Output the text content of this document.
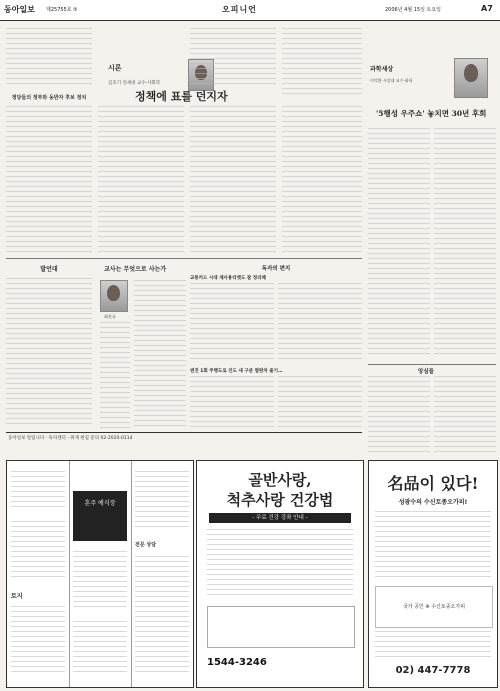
동아일보 제25755호 ⑤	오피니언	2006년 4월 15일 토요일	A7
정당들의 정부와 동반자 후보 정치
시론
김호기 연세대 교수·사회학
정책에 표를 던지자
과학세상
이덕환 서강대 교수·화학
'5행성 우주쇼' 놓치면 30년 후회
발언대	교사는 무엇으로 사는가
최진규
독자의 편지
교통카드 시대 재사용티켓도 잘 정리해
엔진 1회 주행도로 인도 새 구분 발판차 줄기…	앙심들
동아일보 알립니다 · 독자센터 · 취재 편집 문의 02-2020-0114
혼주 예식장
토지
전문 상담
골반사랑,
척추사랑 건강법
- 무료 건강 강좌 안내 -
1544-3246
名品이 있다!
성광수의 수신토종오가피!
국가 공인 ※ 수신토종오가피
02) 447-7778
